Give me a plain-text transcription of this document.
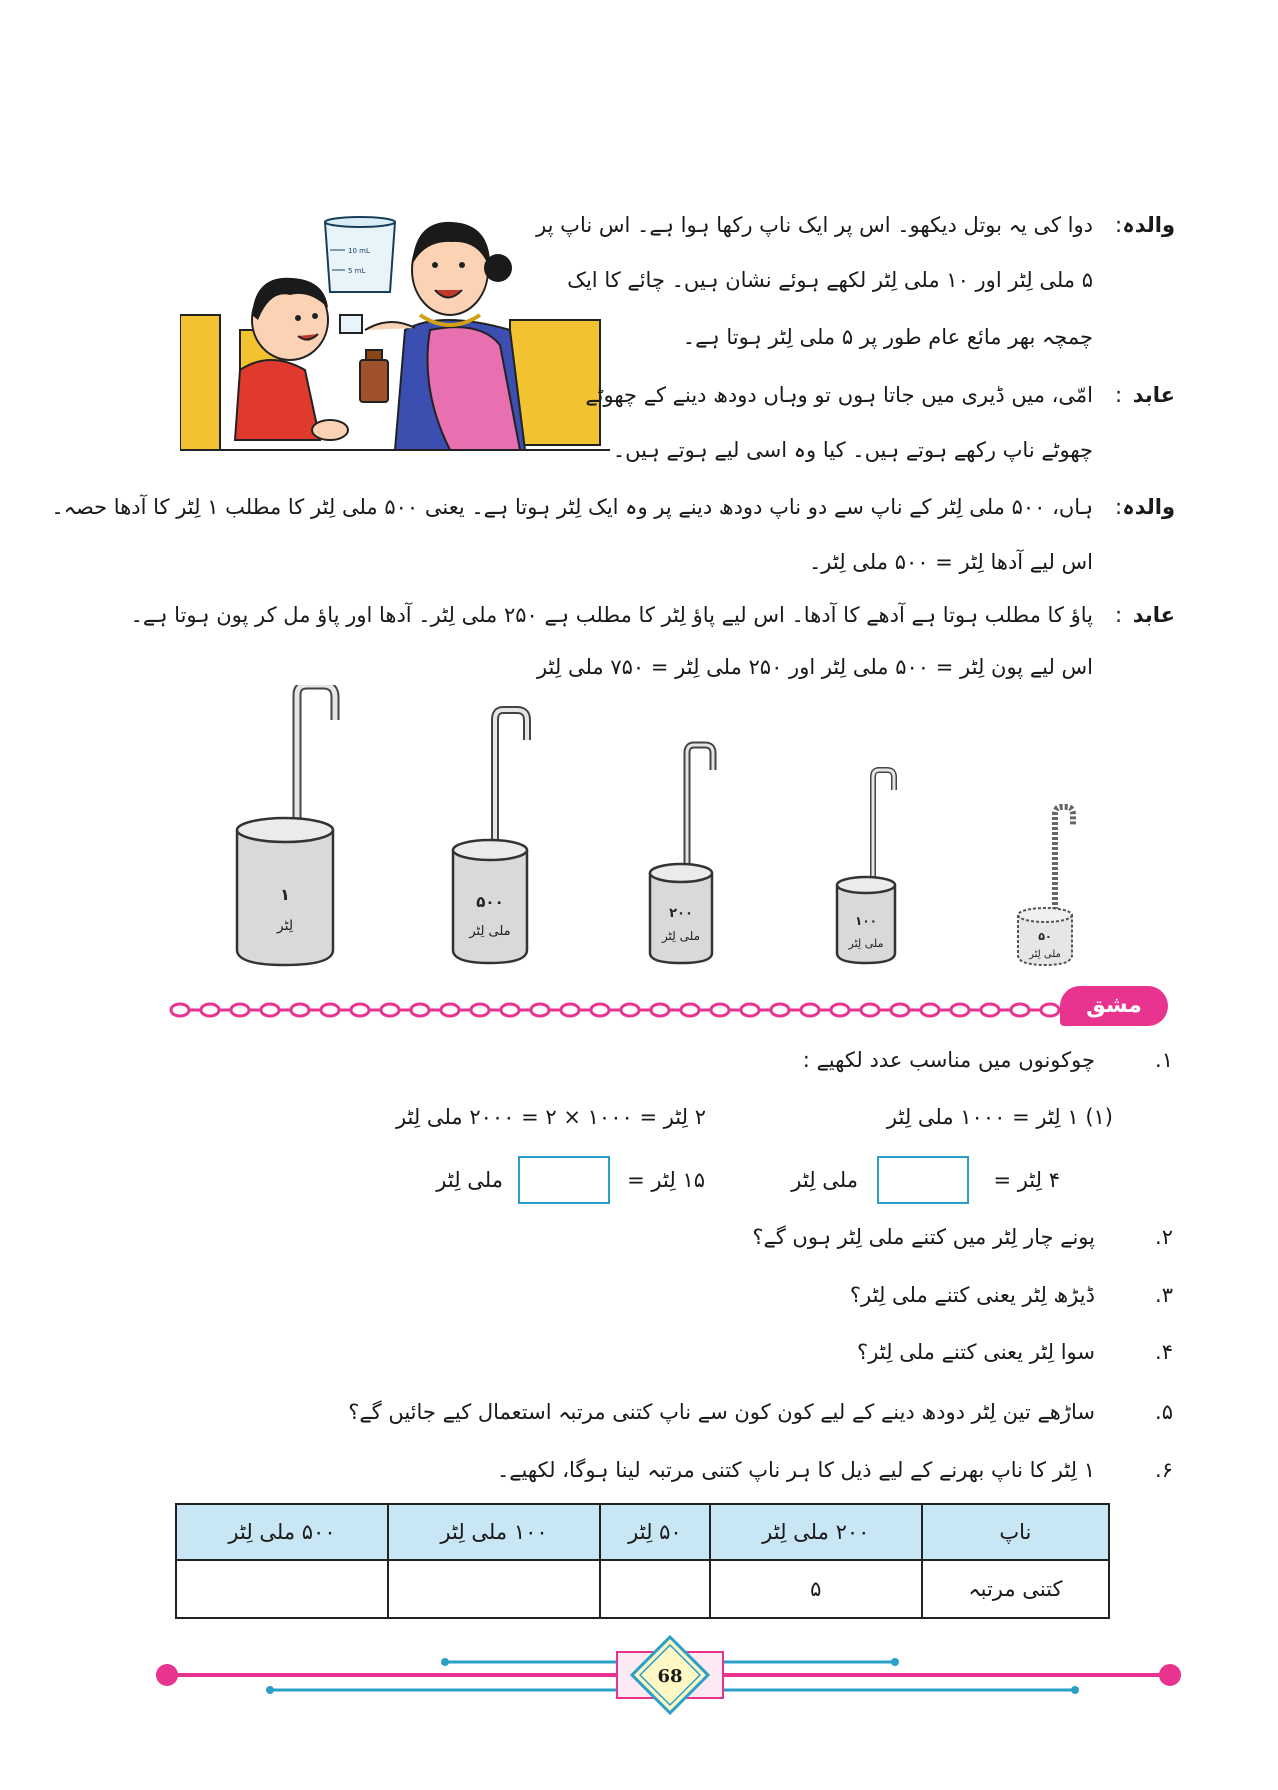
10 mL
5 mL
والدہ
:
دوا کی یہ بوتل دیکھو۔ اس پر ایک ناپ رکھا ہوا ہے۔ اس ناپ پر
۵ ملی لِٹر اور ۱۰ ملی لِٹر لکھے ہوئے نشان ہیں۔ چائے کا ایک
چمچہ بھر مائع عام طور پر ۵ ملی لِٹر ہوتا ہے۔
عابد
:
امّی، میں ڈیری میں جاتا ہوں تو وہاں دودھ دینے کے چھوٹے
چھوٹے ناپ رکھے ہوتے ہیں۔ کیا وہ اسی لیے ہوتے ہیں۔
والدہ
:
ہاں، ۵۰۰ ملی لِٹر کے ناپ سے دو ناپ دودھ دینے پر وہ ایک لِٹر ہوتا ہے۔ یعنی ۵۰۰ ملی لِٹر کا مطلب ۱ لِٹر کا آدھا حصہ۔
اس لیے آدھا لِٹر = ۵۰۰ ملی لِٹر۔
عابد
:
پاؤ کا مطلب ہوتا ہے آدھے کا آدھا۔ اس لیے پاؤ لِٹر کا مطلب ہے ۲۵۰ ملی لِٹر۔ آدھا اور پاؤ مل کر پون ہوتا ہے۔
اس لیے پون لِٹر = ۵۰۰ ملی لِٹر اور ۲۵۰ ملی لِٹر = ۷۵۰ ملی لِٹر
۱
لِٹر
۵۰۰
ملی لِٹر
۲۰۰
ملی لِٹر
۱۰۰
ملی لِٹر
۵۰
ملی لِٹر
مشق
۱.
چوکونوں میں مناسب عدد لکھیے :
(۱) ۱ لِٹر = ۱۰۰۰ ملی لِٹر
۲ لِٹر = ۱۰۰۰ × ۲ = ۲۰۰۰ ملی لِٹر
۴ لِٹر =
ملی لِٹر
۱۵ لِٹر =
ملی لِٹر
۲.
پونے چار لِٹر میں کتنے ملی لِٹر ہوں گے؟
۳.
ڈیڑھ لِٹر یعنی کتنے ملی لِٹر؟
۴.
سوا لِٹر یعنی کتنے ملی لِٹر؟
۵.
ساڑھے تین لِٹر دودھ دینے کے لیے کون کون سے ناپ کتنی مرتبہ استعمال کیے جائیں گے؟
۶.
۱ لِٹر کا ناپ بھرنے کے لیے ذیل کا ہر ناپ کتنی مرتبہ لینا ہوگا، لکھیے۔
۵۰۰ ملی لِٹر	۱۰۰ ملی لِٹر	۵۰ لِٹر	۲۰۰ ملی لِٹر	ناپ
			۵	کتنی مرتبہ
68
